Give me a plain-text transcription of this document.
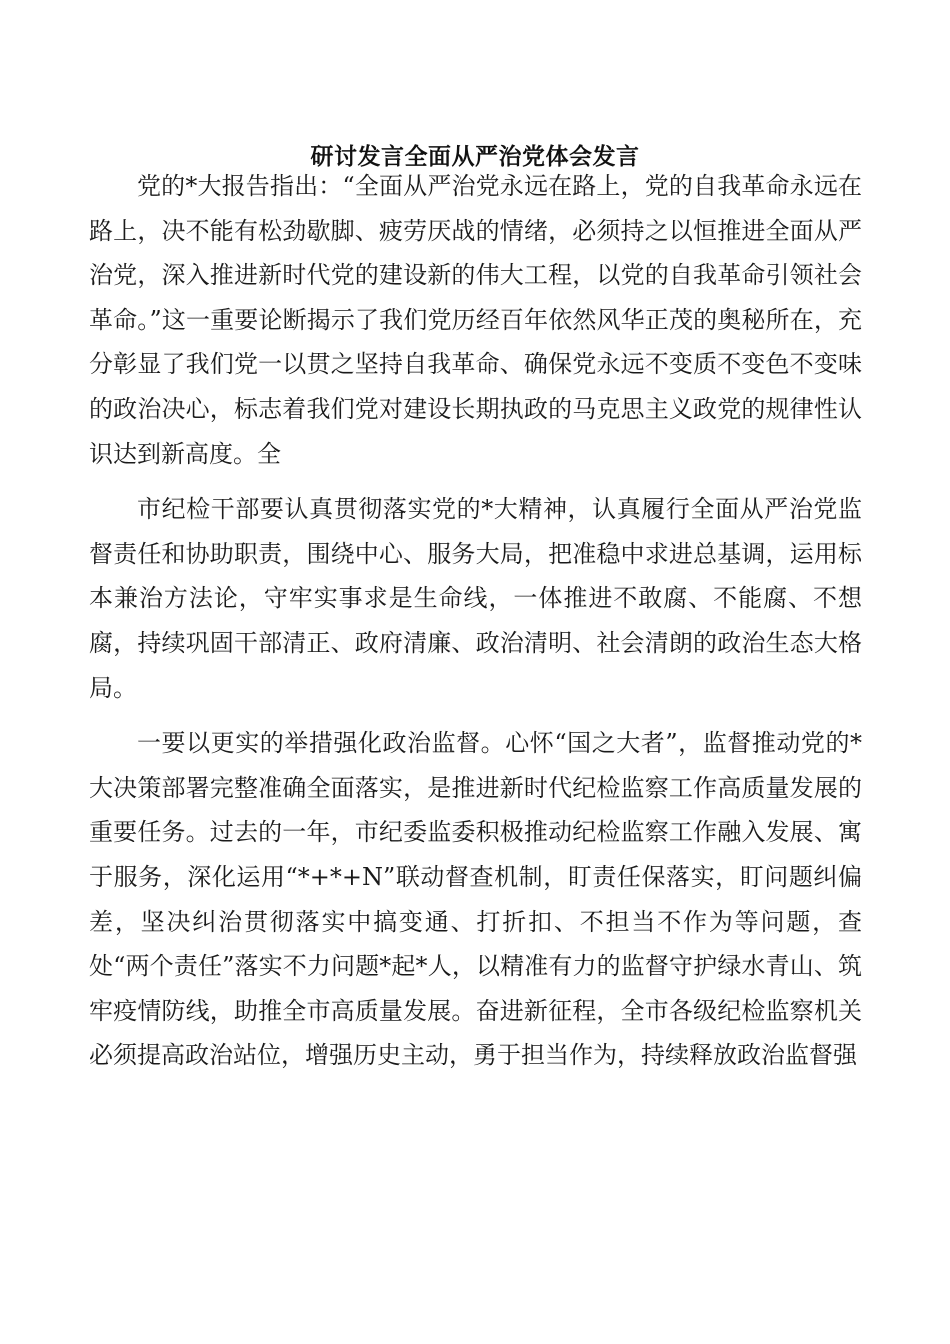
研讨发言全面从严治党体会发言

党的*大报告指出：“全面从严治党永远在路上，党的自我革命永远在路上，决不能有松劲歇脚、疲劳厌战的情绪，必须持之以恒推进全面从严治党，深入推进新时代党的建设新的伟大工程，以党的自我革命引领社会革命。”这一重要论断揭示了我们党历经百年依然风华正茂的奥秘所在，充分彰显了我们党一以贯之坚持自我革命、确保党永远不变质不变色不变味的政治决心，标志着我们党对建设长期执政的马克思主义政党的规律性认识达到新高度。全

市纪检干部要认真贯彻落实党的*大精神，认真履行全面从严治党监督责任和协助职责，围绕中心、服务大局，把准稳中求进总基调，运用标本兼治方法论，守牢实事求是生命线，一体推进不敢腐、不能腐、不想腐，持续巩固干部清正、政府清廉、政治清明、社会清朗的政治生态大格局。

一要以更实的举措强化政治监督。心怀“国之大者”，监督推动党的*大决策部署完整准确全面落实，是推进新时代纪检监察工作高质量发展的重要任务。过去的一年，市纪委监委积极推动纪检监察工作融入发展、寓于服务，深化运用“*+*+N”联动督查机制，盯责任保落实，盯问题纠偏差，坚决纠治贯彻落实中搞变通、打折扣、不担当不作为等问题，查处“两个责任”落实不力问题*起*人，以精准有力的监督守护绿水青山、筑牢疫情防线，助推全市高质量发展。奋进新征程，全市各级纪检监察机关必须提高政治站位，增强历史主动，勇于担当作为，持续释放政治监督强
